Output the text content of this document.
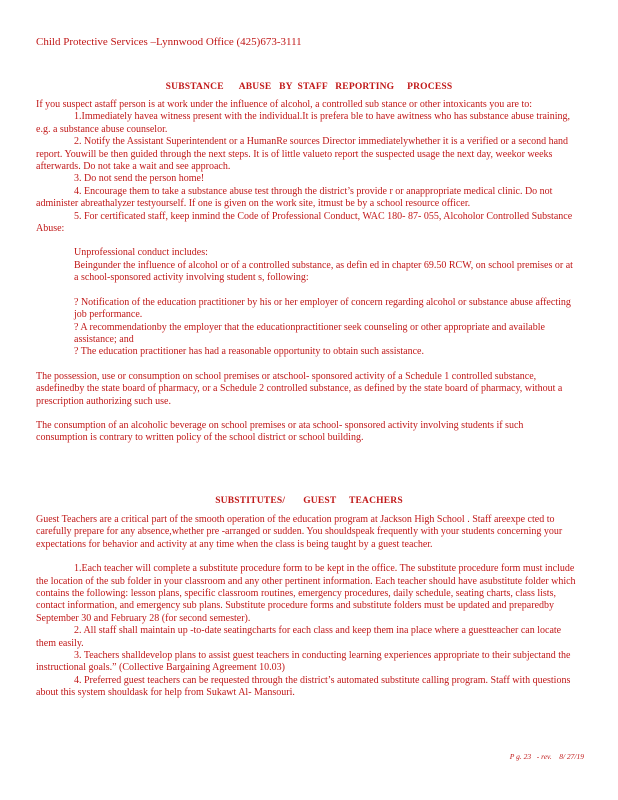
Child Protective Services –Lynnwood Office (425)673-3111
SUBSTANCE      ABUSE   BY  STAFF   REPORTING     PROCESS

If you suspect astaff person is at work under the influence of alcohol, a controlled sub stance or other intoxicants you are to:

1.Immediately havea witness present with the individual.It is prefera ble to have awitness who has substance abuse training, e.g. a substance abuse counselor.

2. Notify the Assistant Superintendent or a HumanRe sources Director immediatelywhether it is a verified or a second hand report. Youwill be then guided through the next steps. It is of little valueto report the suspected usage the next day, weekor weeks afterwards. Do not take a wait and see approach.

3. Do not send the person home!

4. Encourage them to take a substance abuse test through the district’s provide r or anappropriate medical clinic. Do not administer abreathalyzer testyourself. If one is given on the work site, itmust be by a school resource officer.

5. For certificated staff, keep inmind the Code of Professional Conduct, WAC 180- 87- 055, Alcoholor Controlled Substance Abuse:

Unprofessional conduct includes:

Beingunder the influence of alcohol or of a controlled substance, as defin ed in chapter 69.50 RCW, on school premises or at a school-sponsored activity involving student s, following:

? Notification of the education practitioner by his or her employer of concern regarding alcohol or substance abuse affecting job performance.

? A recommendationby the employer that the educationpractitioner seek counseling or other appropriate and available assistance; and

? The education practitioner has had a reasonable opportunity to obtain such assistance.

The possession, use or consumption on school premises or atschool- sponsored activity of a Schedule 1 controlled substance, asdefinedby the state board of pharmacy, or a Schedule 2 controlled substance, as defined by the state board of pharmacy, without a prescription authorizing such use.

The consumption of an alcoholic beverage on school premises or ata school- sponsored activity involving students if such consumption is contrary to written policy of the school district or school building.

SUBSTITUTES/       GUEST     TEACHERS

Guest Teachers are a critical part of the smooth operation of the education program at Jackson High School . Staff areexpe cted to carefully prepare for any absence,whether pre -arranged or sudden. You shouldspeak frequently with your students concerning your expectations for behavior and activity at any time when the class is being taught by a guest teacher.

1.Each teacher will complete a substitute procedure form to be kept in the office. The substitute procedure form must include the location of the sub folder in your classroom and any other pertinent information. Each teacher should have asubstitute folder which contains the following: lesson plans, specific classroom routines, emergency procedures, daily schedule, seating charts, class lists, contact information, and emergency sub plans. Substitute procedure forms and substitute folders must be updated and preparedby September 30 and February 28 (for second semester).

2. All staff shall maintain up -to-date seatingcharts for each class and keep them ina place where a guestteacher can locate them easily.

3. Teachers shalldevelop plans to assist guest teachers in conducting learning experiences appropriate to their subjectand the instructional goals.” (Collective Bargaining Agreement 10.03)

4. Preferred guest teachers can be requested through the district’s automated substitute calling program. Staff with questions about this system shouldask for help from Sukawt Al- Mansouri.

P g. 23   - rev.    8/ 27/19
